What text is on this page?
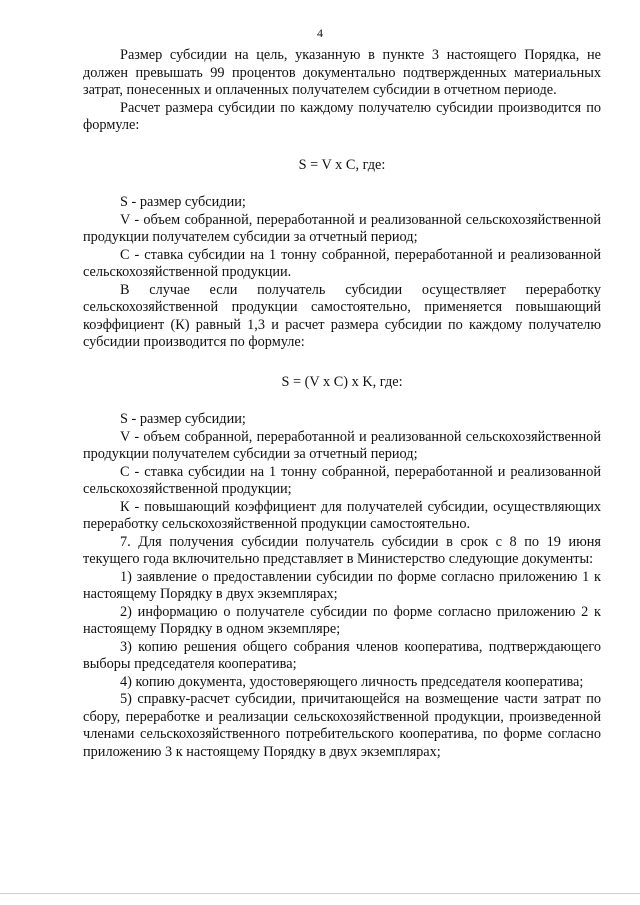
4

Размер субсидии на цель, указанную в пункте 3 настоящего Порядка, не должен превышать 99 процентов документально подтвержденных материальных затрат, понесенных и оплаченных получателем субсидии в отчетном периоде.

Расчет размера субсидии по каждому получателю субсидии производится по формуле:

S = V x C, где:

S - размер субсидии;

V - объем собранной, переработанной и реализованной сельскохозяйственной продукции получателем субсидии за отчетный период;

C - ставка субсидии на 1 тонну собранной, переработанной и реализованной сельскохозяйственной продукции.

В случае если получатель субсидии осуществляет переработку сельскохозяйственной продукции самостоятельно, применяется повышающий коэффициент (К) равный 1,3 и расчет размера субсидии по каждому получателю субсидии производится по формуле:

S = (V x C) x K, где:

S - размер субсидии;

V - объем собранной, переработанной и реализованной сельскохозяйственной продукции получателем субсидии за отчетный период;

C - ставка субсидии на 1 тонну собранной, переработанной и реализованной сельскохозяйственной продукции;

К - повышающий коэффициент для получателей субсидии, осуществляющих переработку сельскохозяйственной продукции самостоятельно.

7. Для получения субсидии получатель субсидии в срок с 8 по 19 июня текущего года включительно представляет в Министерство следующие документы:

1) заявление о предоставлении субсидии по форме согласно приложению 1 к настоящему Порядку в двух экземплярах;

2) информацию о получателе субсидии по форме согласно приложению 2 к настоящему Порядку в одном экземпляре;

3) копию решения общего собрания членов кооператива, подтверждающего выборы председателя кооператива;

4) копию документа, удостоверяющего личность председателя кооператива;

5) справку-расчет субсидии, причитающейся на возмещение части затрат по сбору, переработке и реализации сельскохозяйственной продукции, произведенной членами сельскохозяйственного потребительского кооператива, по форме согласно приложению 3 к настоящему Порядку в двух экземплярах;
